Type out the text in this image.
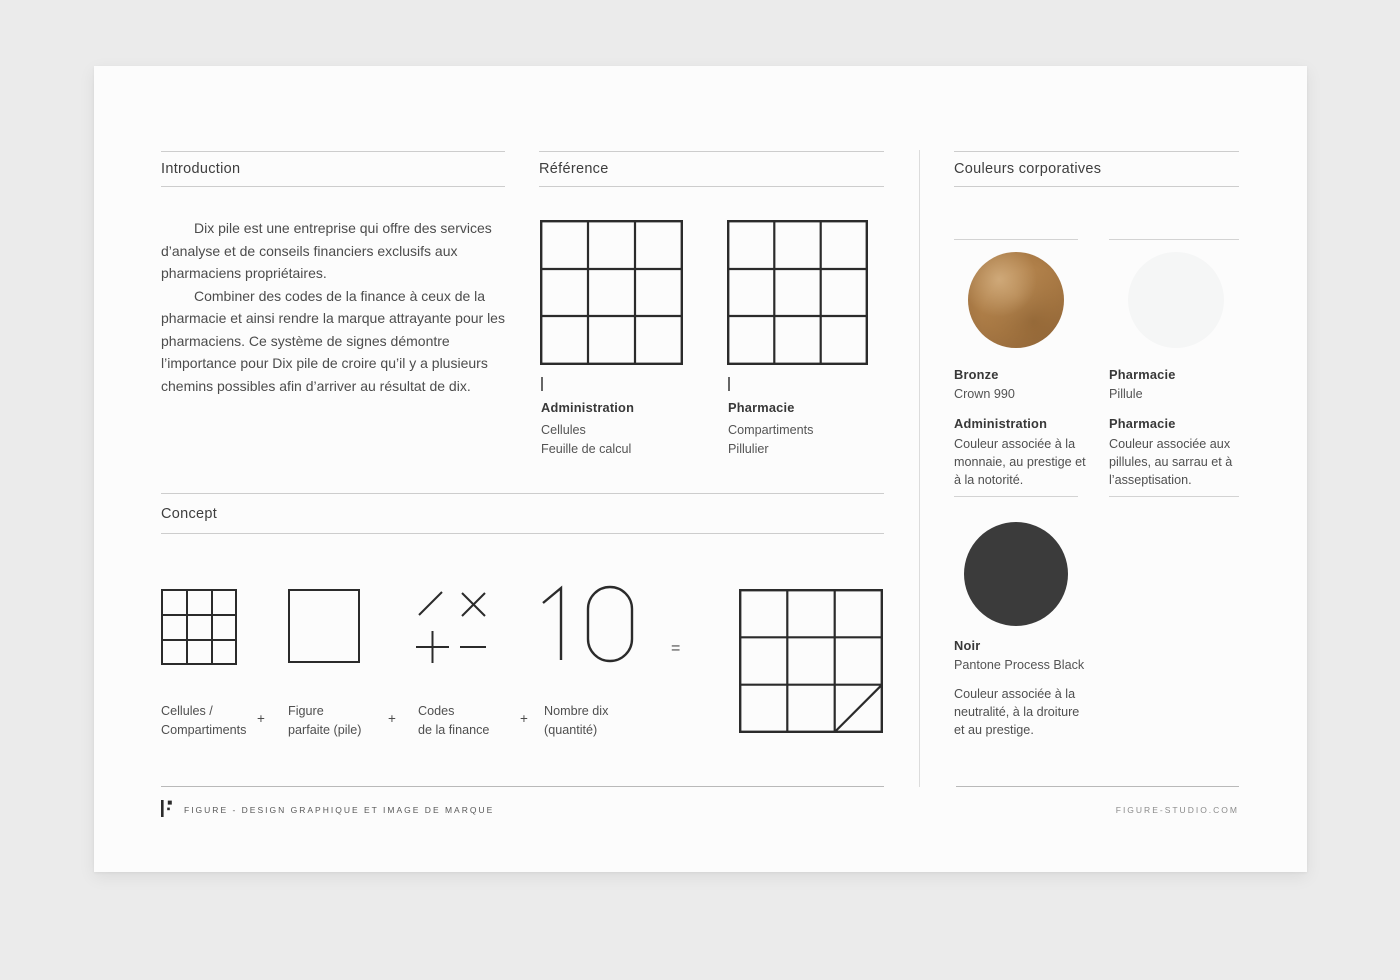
Introduction	Référence	Couleurs corporatives

Dix pile est une entreprise qui offre des services d’analyse et de conseils financiers exclusifs aux pharmaciens propriétaires.

Combiner des codes de la finance à ceux de la pharmacie et ainsi rendre la marque attrayante pour les pharmaciens. Ce système de signes démontre l’importance pour Dix pile de croire qu’il y a plusieurs chemins possibles afin d’arriver au résultat de dix.

Administration
Cellules
Feuille de calcul
Pharmacie
Compartiments
Pillulier
Bronze
Crown 990
Administration
Couleur associée à la monnaie, au prestige et à la notorité.
Pharmacie
Pillule
Pharmacie
Couleur associée aux pillules, au sarrau et à l’asseptisation.
Noir
Pantone Process Black
Couleur associée à la neutralité, à la droiture et au prestige.
Concept
=
Cellules /
Compartiments
+ Figure
parfaite (pile)
+ Codes
de la finance
+ Nombre dix
(quantité)
FIGURE - DESIGN GRAPHIQUE ET IMAGE DE MARQUE	FIGURE-STUDIO.COM
